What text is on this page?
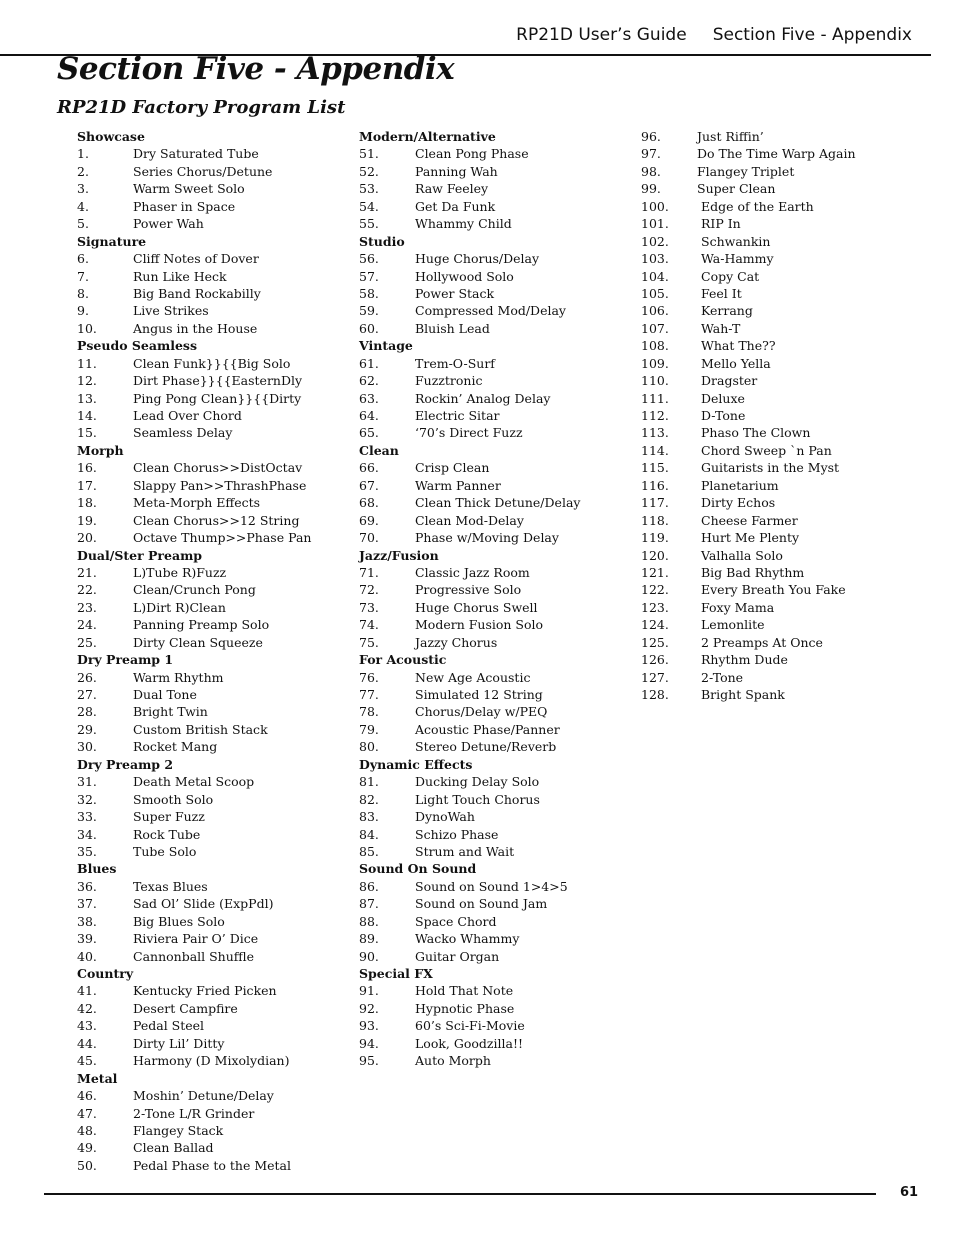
RP21D User’s Guide Section Five - Appendix
Section Five - Appendix
RP21D Factory Program List
Showcase
1.	Dry Saturated Tube
2.	Series Chorus/Detune
3.	Warm Sweet Solo
4.	Phaser in Space
5.	Power Wah
Signature
6.	Cliff Notes of Dover
7.	Run Like Heck
8.	Big Band Rockabilly
9.	Live Strikes
10.	Angus in the House
Pseudo Seamless
11.	Clean Funk}}{{Big Solo
12.	Dirt Phase}}{{EasternDly
13.	Ping Pong Clean}}{{Dirty
14.	Lead Over Chord
15.	Seamless Delay
Morph
16.	Clean Chorus>>DistOctav
17.	Slappy Pan>>ThrashPhase
18.	Meta-Morph Effects
19.	Clean Chorus>>12 String
20.	Octave Thump>>Phase Pan
Dual/Ster Preamp
21.	L)Tube R)Fuzz
22.	Clean/Crunch Pong
23.	L)Dirt R)Clean
24.	Panning Preamp Solo
25.	Dirty Clean Squeeze
Dry Preamp 1
26.	Warm Rhythm
27.	Dual Tone
28.	Bright Twin
29.	Custom British Stack
30.	Rocket Mang
Dry Preamp 2
31.	Death Metal Scoop
32.	Smooth Solo
33.	Super Fuzz
34.	Rock Tube
35.	Tube Solo
Blues
36.	Texas Blues
37.	Sad Ol’ Slide (ExpPdl)
38.	Big Blues Solo
39.	Riviera Pair O’ Dice
40.	Cannonball Shuffle
Country
41.	Kentucky Fried Picken
42.	Desert Campfire
43.	Pedal Steel
44.	Dirty Lil’ Ditty
45.	Harmony (D Mixolydian)
Metal
46.	Moshin’ Detune/Delay
47.	2-Tone L/R Grinder
48.	Flangey Stack
49.	Clean Ballad
50.	Pedal Phase to the Metal
Modern/Alternative
51.	Clean Pong Phase
52.	Panning Wah
53.	Raw Feeley
54.	Get Da Funk
55.	Whammy Child
Studio
56.	Huge Chorus/Delay
57.	Hollywood Solo
58.	Power Stack
59.	Compressed Mod/Delay
60.	Bluish Lead
Vintage
61.	Trem-O-Surf
62.	Fuzztronic
63.	Rockin’ Analog Delay
64.	Electric Sitar
65.	‘70’s Direct Fuzz
Clean
66.	Crisp Clean
67.	Warm Panner
68.	Clean Thick Detune/Delay
69.	Clean Mod-Delay
70.	Phase w/Moving Delay
Jazz/Fusion
71.	Classic Jazz Room
72.	Progressive Solo
73.	Huge Chorus Swell
74.	Modern Fusion Solo
75.	Jazzy Chorus
For Acoustic
76.	New Age Acoustic
77.	Simulated 12 String
78.	Chorus/Delay w/PEQ
79.	Acoustic Phase/Panner
80.	Stereo Detune/Reverb
Dynamic Effects
81.	Ducking Delay Solo
82.	Light Touch Chorus
83.	DynoWah
84.	Schizo Phase
85.	Strum and Wait
Sound On Sound
86.	Sound on Sound 1>4>5
87.	Sound on Sound Jam
88.	Space Chord
89.	Wacko Whammy
90.	Guitar Organ
Special FX
91.	Hold That Note
92.	Hypnotic Phase
93.	60’s Sci-Fi-Movie
94.	Look, Goodzilla!!
95.	Auto Morph
96.	Just Riffin’
97.	Do The Time Warp Again
98.	Flangey Triplet
99.	Super Clean
100.	Edge of the Earth
101.	RIP In
102.	Schwankin
103.	Wa-Hammy
104.	Copy Cat
105.	Feel It
106.	Kerrang
107.	Wah-T
108.	What The??
109.	Mello Yella
110.	Dragster
111.	Deluxe
112.	D-Tone
113.	Phaso The Clown
114.	Chord Sweep `n Pan
115.	Guitarists in the Myst
116.	Planetarium
117.	Dirty Echos
118.	Cheese Farmer
119.	Hurt Me Plenty
120.	Valhalla Solo
121.	Big Bad Rhythm
122.	Every Breath You Fake
123.	Foxy Mama
124.	Lemonlite
125.	2 Preamps At Once
126.	Rhythm Dude
127.	2-Tone
128.	Bright Spank
61
